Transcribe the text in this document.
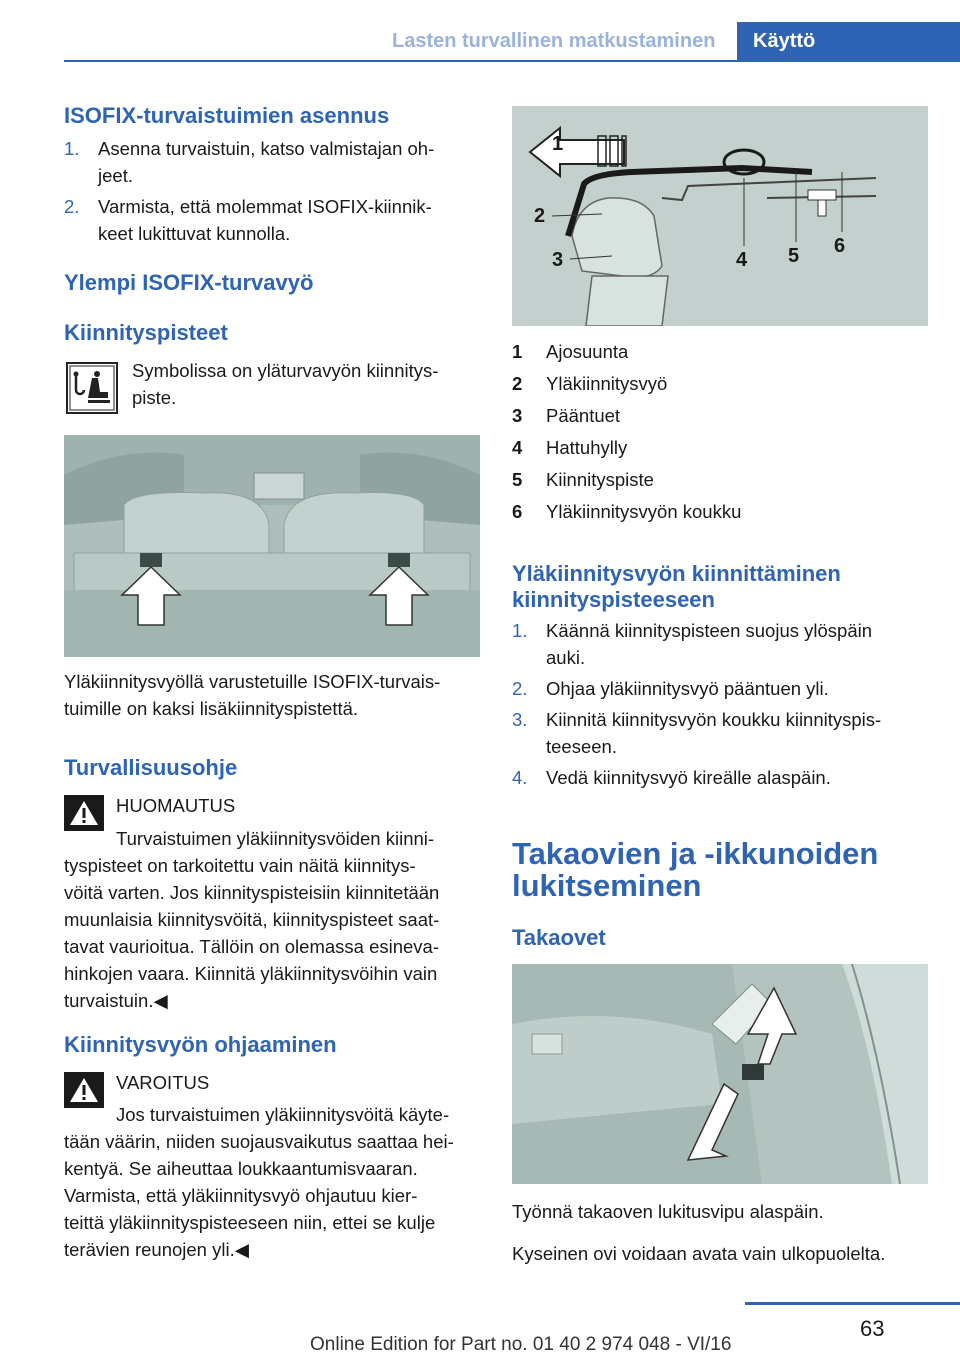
Lasten turvallinen matkustaminen Käyttö
ISOFIX-turvaistuimien asennus
1. Asenna turvaistuin, katso valmistajan oh-
jeet.
2. Varmista, että molemmat ISOFIX-kiinnik-
keet lukittuvat kunnolla.
Ylempi ISOFIX-turvavyö
Kiinnityspisteet
Symbolissa on yläturvavyön kiinnitys-
piste.
Yläkiinnitysvyöllä varustetuille ISOFIX-turvais-
tuimille on kaksi lisäkiinnityspistettä.
Turvallisuusohje
HUOMAUTUS
Turvaistuimen yläkiinnitysvöiden kiinni-
tyspisteet on tarkoitettu vain näitä kiinnitys-
vöitä varten. Jos kiinnityspisteisiin kiinnitetään
muunlaisia kiinnitysvöitä, kiinnityspisteet saat-
tavat vaurioitua. Tällöin on olemassa esineva-
hinkojen vaara. Kiinnitä yläkiinnitysvöihin vain
turvaistuin.◀
Kiinnitysvyön ohjaaminen
VAROITUS
Jos turvaistuimen yläkiinnitysvöitä käyte-
tään väärin, niiden suojausvaikutus saattaa hei-
kentyä. Se aiheuttaa loukkaantumisvaaran.
Varmista, että yläkiinnitysvyö ohjautuu kier-
teittä yläkiinnityspisteeseen niin, ettei se kulje
terävien reunojen yli.◀
1
2
3	4 5 6
1 Ajosuunta
2 Yläkiinnitysvyö
3 Pääntuet
4 Hattuhylly
5 Kiinnityspiste
6 Yläkiinnitysvyön koukku
Yläkiinnitysvyön kiinnittäminen
kiinnityspisteeseen
1. Käännä kiinnityspisteen suojus ylöspäin
auki.
2. Ohjaa yläkiinnitysvyö pääntuen yli.
3. Kiinnitä kiinnitysvyön koukku kiinnityspis-
teeseen.
4. Vedä kiinnitysvyö kireälle alaspäin.
Takaovien ja -ikkunoiden
lukitseminen
Takaovet
Työnnä takaoven lukitusvipu alaspäin.
Kyseinen ovi voidaan avata vain ulkopuolelta.
63
Online Edition for Part no. 01 40 2 974 048 - VI/16
